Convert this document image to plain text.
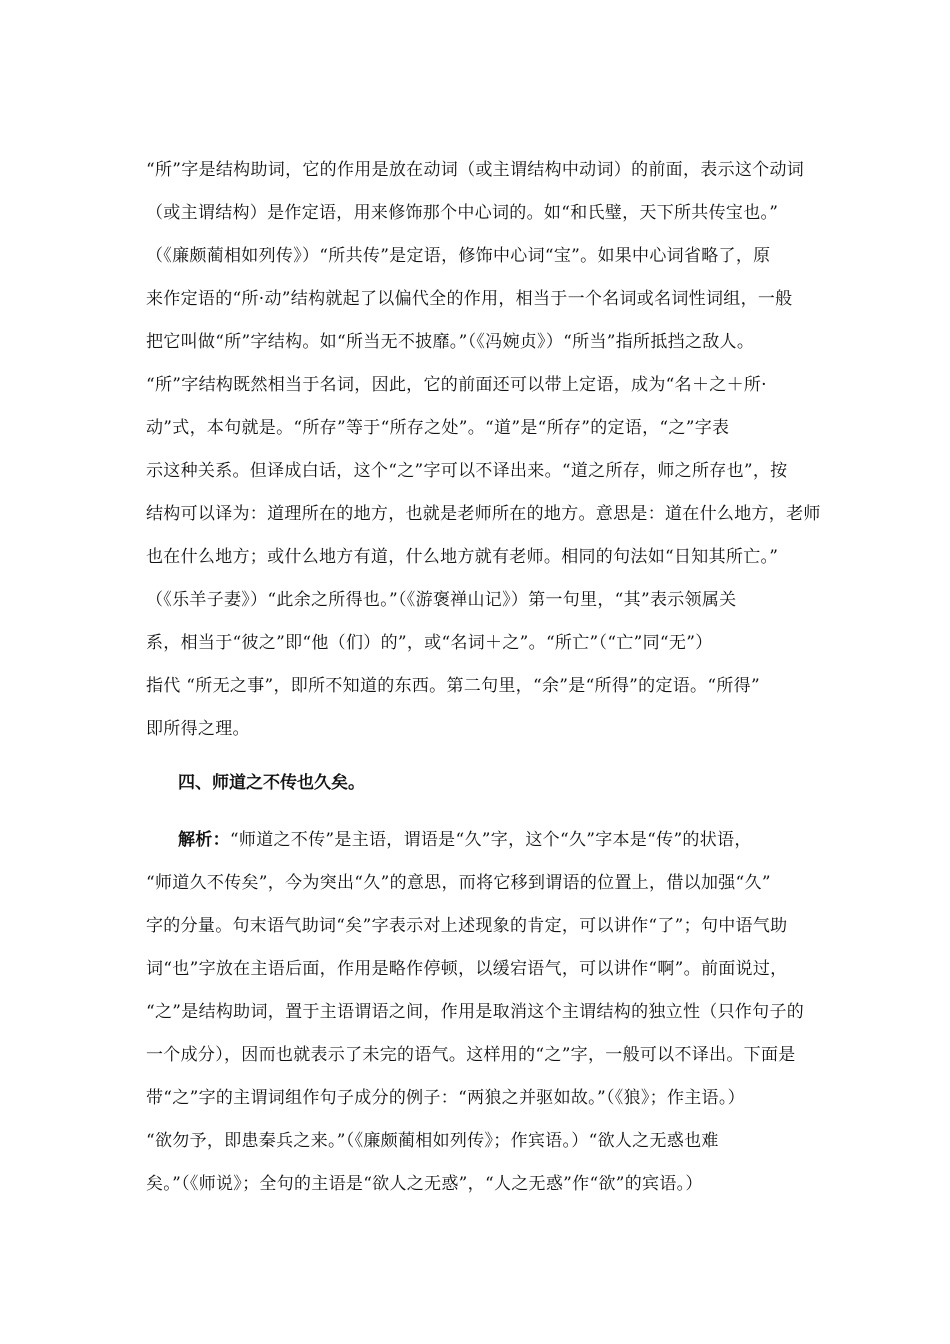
“所”字是结构助词，它的作用是放在动词（或主谓结构中动词）的前面，表示这个动词
（或主谓结构）是作定语，用来修饰那个中心词的。如“和氏璧，天下所共传宝也。”
（《廉颇蔺相如列传》）“所共传”是定语，修饰中心词“宝”。如果中心词省略了，原
来作定语的“所·动”结构就起了以偏代全的作用，相当于一个名词或名词性词组，一般
把它叫做“所”字结构。如“所当无不披靡。”（《冯婉贞》）“所当”指所抵挡之敌人。
“所”字结构既然相当于名词，因此，它的前面还可以带上定语，成为“名＋之＋所·
动”式，本句就是。“所存”等于“所存之处”。“道”是“所存”的定语，“之”字表
示这种关系。但译成白话，这个“之”字可以不译出来。“道之所存，师之所存也”，按
结构可以译为：道理所在的地方，也就是老师所在的地方。意思是：道在什么地方，老师
也在什么地方；或什么地方有道，什么地方就有老师。相同的句法如“日知其所亡。”
（《乐羊子妻》）“此余之所得也。”（《游褒禅山记》）第一句里，“其”表示领属关
系，相当于“彼之”即“他（们）的”，或“名词＋之”。“所亡”（“亡”同“无”）
指代 “所无之事”，即所不知道的东西。第二句里，“余”是“所得”的定语。“所得”
即所得之理。
四、师道之不传也久矣。
解析：“师道之不传”是主语，谓语是“久”字，这个“久”字本是“传”的状语，
“师道久不传矣”，今为突出“久”的意思，而将它移到谓语的位置上，借以加强“久”
字的分量。句末语气助词“矣”字表示对上述现象的肯定，可以讲作“了”；句中语气助
词“也”字放在主语后面，作用是略作停顿，以缓宕语气，可以讲作“啊”。前面说过，
“之”是结构助词，置于主语谓语之间，作用是取消这个主谓结构的独立性（只作句子的
一个成分），因而也就表示了未完的语气。这样用的“之”字，一般可以不译出。下面是
带“之”字的主谓词组作句子成分的例子：“两狼之并驱如故。”（《狼》；作主语。）
“欲勿予，即患秦兵之来。”（《廉颇蔺相如列传》；作宾语。）“欲人之无惑也难
矣。”（《师说》；全句的主语是“欲人之无惑”，“人之无惑”作“欲”的宾语。）
